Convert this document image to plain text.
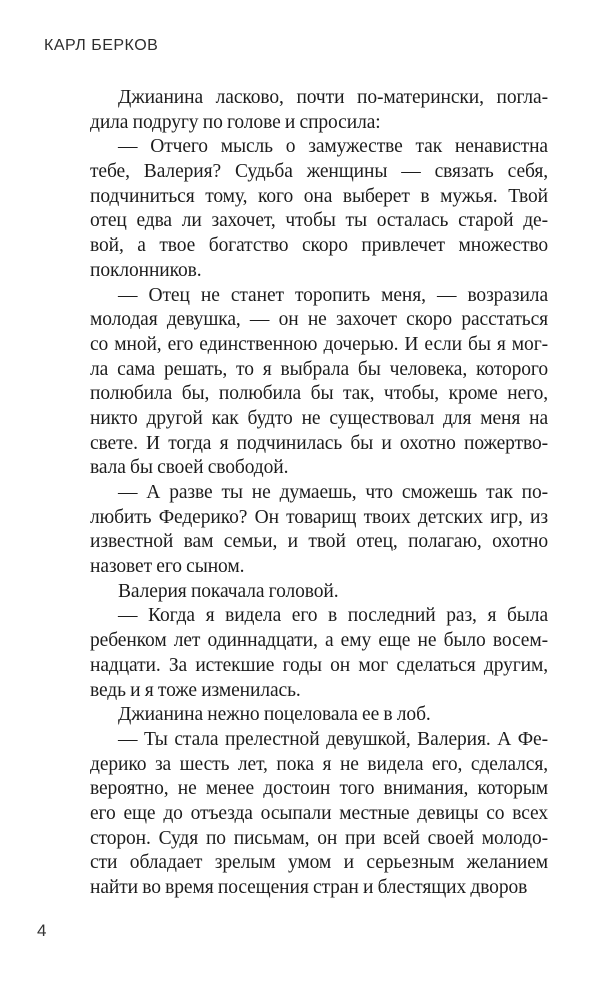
КАРЛ БЕРКОВ
Джианина ласково, почти по-матерински, погла-
дила подругу по голове и спросила:
— Отчего мысль о замужестве так ненавистна
тебе, Валерия? Судьба женщины — связать себя,
подчиниться тому, кого она выберет в мужья. Твой
отец едва ли захочет, чтобы ты осталась старой де-
вой, а твое богатство скоро привлечет множество
поклонников.
— Отец не станет торопить меня, — возразила
молодая девушка, — он не захочет скоро расстаться
со мной, его единственною дочерью. И если бы я мог-
ла сама решать, то я выбрала бы человека, которого
полюбила бы, полюбила бы так, чтобы, кроме него,
никто другой как будто не существовал для меня на
свете. И тогда я подчинилась бы и охотно пожертво-
вала бы своей свободой.
— А разве ты не думаешь, что сможешь так по-
любить Федерико? Он товарищ твоих детских игр, из
известной вам семьи, и твой отец, полагаю, охотно
назовет его сыном.
Валерия покачала головой.
— Когда я видела его в последний раз, я была
ребенком лет одиннадцати, а ему еще не было восем-
надцати. За истекшие годы он мог сделаться другим,
ведь и я тоже изменилась.
Джианина нежно поцеловала ее в лоб.
— Ты стала прелестной девушкой, Валерия. А Фе-
дерико за шесть лет, пока я не видела его, сделался,
вероятно, не менее достоин того внимания, которым
его еще до отъезда осыпали местные девицы со всех
сторон. Судя по письмам, он при всей своей молодо-
сти обладает зрелым умом и серьезным желанием
найти во время посещения стран и блестящих дворов
4
